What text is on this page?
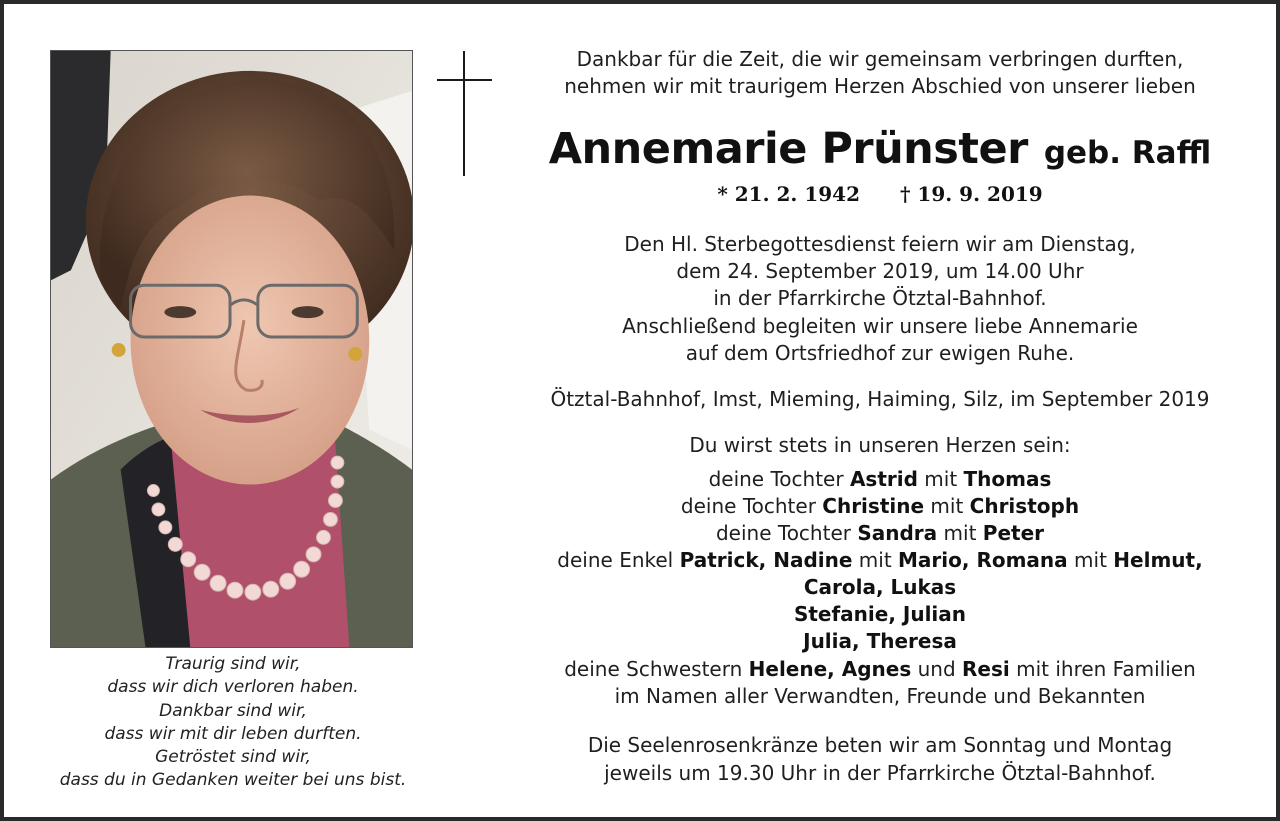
Traurig sind wir,
dass wir dich verloren haben.
Dankbar sind wir,
dass wir mit dir leben durften.
Getröstet sind wir,
dass du in Gedanken weiter bei uns bist.
Dankbar für die Zeit, die wir gemeinsam verbringen durften,
nehmen wir mit traurigem Herzen Abschied von unserer lieben
Annemarie Prünster geb. Raffl
* 21. 2. 1942 † 19. 9. 2019
Den Hl. Sterbegottesdienst feiern wir am Dienstag,
dem 24. September 2019, um 14.00 Uhr
in der Pfarrkirche Ötztal-Bahnhof.
Anschließend begleiten wir unsere liebe Annemarie
auf dem Ortsfriedhof zur ewigen Ruhe.
Ötztal-Bahnhof, Imst, Mieming, Haiming, Silz, im September 2019
Du wirst stets in unseren Herzen sein:
deine Tochter Astrid mit Thomas
deine Tochter Christine mit Christoph
deine Tochter Sandra mit Peter
deine Enkel Patrick, Nadine mit Mario, Romana mit Helmut,
Carola, Lukas
Stefanie, Julian
Julia, Theresa
deine Schwestern Helene, Agnes und Resi mit ihren Familien
im Namen aller Verwandten, Freunde und Bekannten
Die Seelenrosenkränze beten wir am Sonntag und Montag
jeweils um 19.30 Uhr in der Pfarrkirche Ötztal-Bahnhof.
